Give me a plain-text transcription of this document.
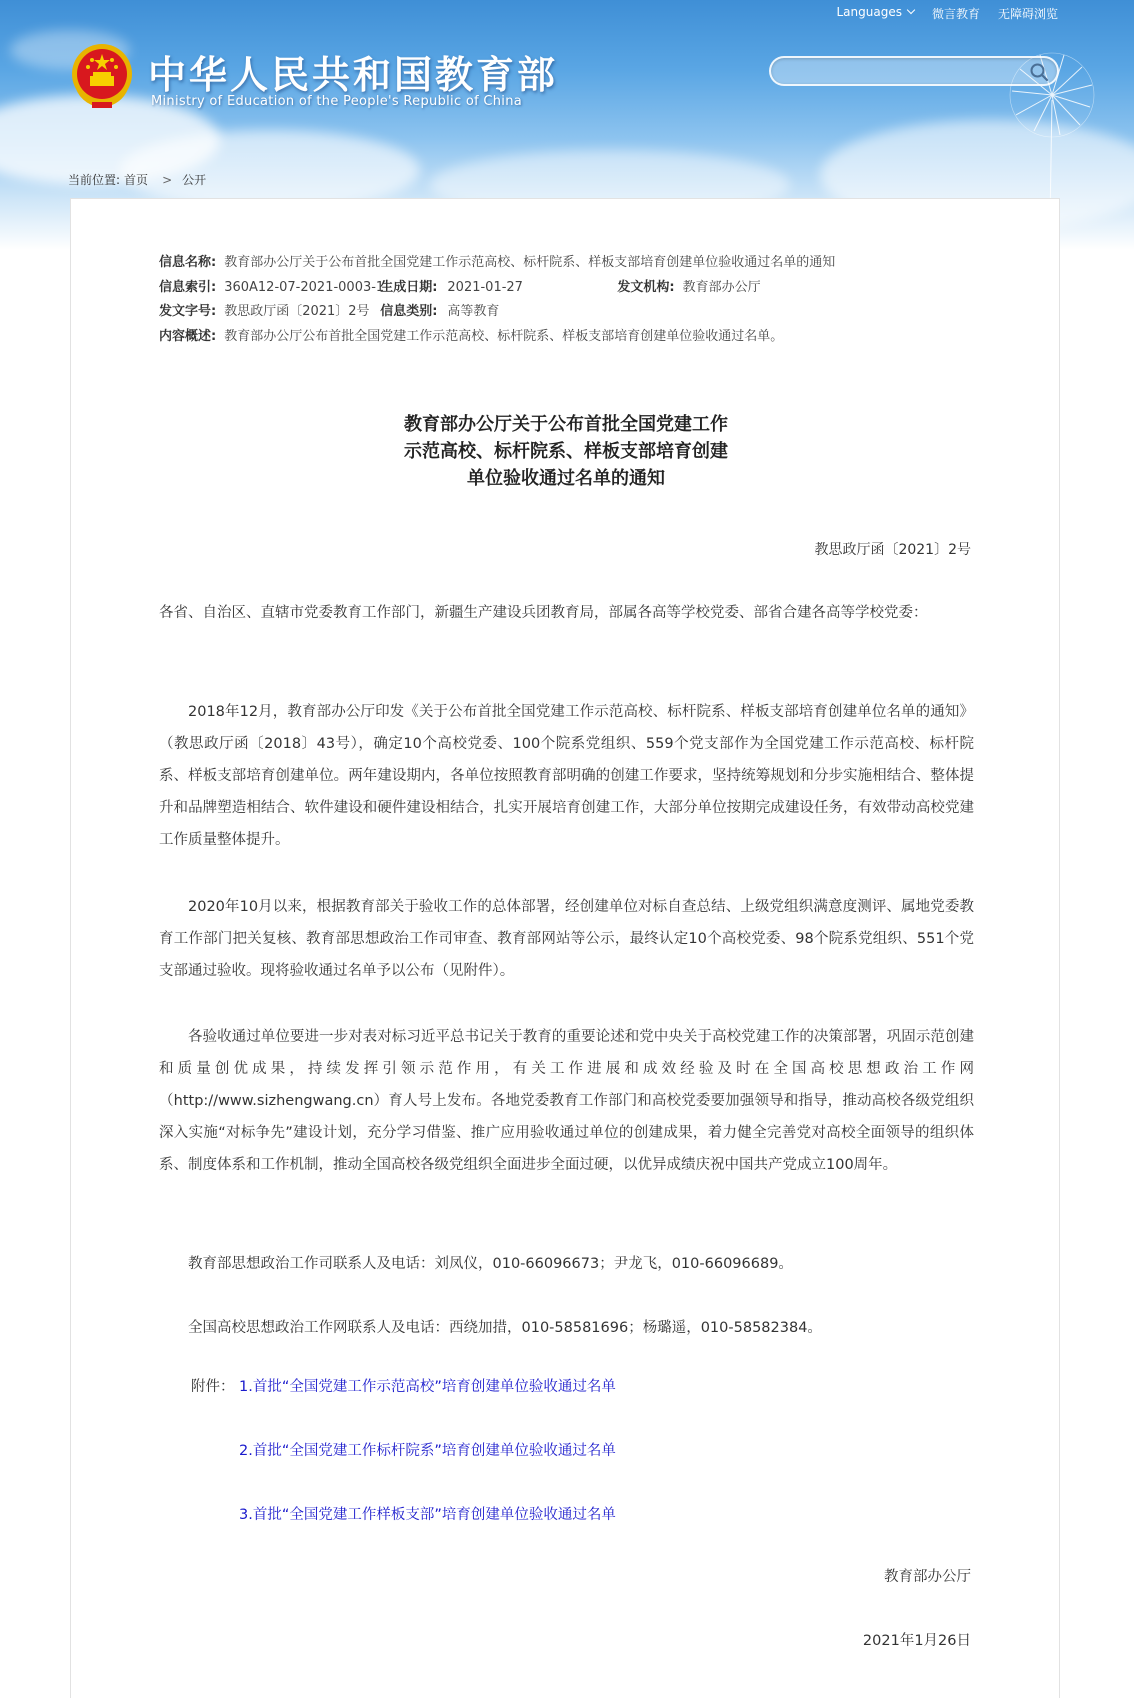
Languages	微言教育 无障碍浏览
中华人民共和国教育部
Ministry of Education of the People's Republic of China
当前位置: 首页 > 公开
信息名称: 教育部办公厅关于公布首批全国党建工作示范高校、标杆院系、样板支部培育创建单位验收通过名单的通知
信息索引: 360A12-07-2021-0003-1
生成日期: 2021-01-27	发文机构: 教育部办公厅
发文字号: 教思政厅函〔2021〕2号 信息类别: 高等教育
内容概述: 教育部办公厅公布首批全国党建工作示范高校、标杆院系、样板支部培育创建单位验收通过名单。
教育部办公厅关于公布首批全国党建工作
示范高校、标杆院系、样板支部培育创建
单位验收通过名单的通知
教思政厅函〔2021〕2号
各省、自治区、直辖市党委教育工作部门，新疆生产建设兵团教育局，部属各高等学校党委、部省合建各高等学校党委：
2018年12月，教育部办公厅印发《关于公布首批全国党建工作示范高校、标杆院系、样板支部培育创建单位名单的通知》（教思政厅函〔2018〕43号），确定10个高校党委、100个院系党组织、559个党支部作为全国党建工作示范高校、标杆院系、样板支部培育创建单位。两年建设期内，各单位按照教育部明确的创建工作要求，坚持统筹规划和分步实施相结合、整体提升和品牌塑造相结合、软件建设和硬件建设相结合，扎实开展培育创建工作，大部分单位按期完成建设任务，有效带动高校党建工作质量整体提升。
2020年10月以来，根据教育部关于验收工作的总体部署，经创建单位对标自查总结、上级党组织满意度测评、属地党委教育工作部门把关复核、教育部思想政治工作司审查、教育部网站等公示，最终认定10个高校党委、98个院系党组织、551个党支部通过验收。现将验收通过名单予以公布（见附件）。
各验收通过单位要进一步对表对标习近平总书记关于教育的重要论述和党中央关于高校党建工作的决策部署，巩固示范创建和质量创优成果，持续发挥引领示范作用，有关工作进展和成效经验及时在全国高校思想政治工作网（http://www.sizhengwang.cn）育人号上发布。各地党委教育工作部门和高校党委要加强领导和指导，推动高校各级党组织深入实施“对标争先”建设计划，充分学习借鉴、推广应用验收通过单位的创建成果，着力健全完善党对高校全面领导的组织体系、制度体系和工作机制，推动全国高校各级党组织全面进步全面过硬，以优异成绩庆祝中国共产党成立100周年。
教育部思想政治工作司联系人及电话：刘凤仪，010-66096673；尹龙飞，010-66096689。
全国高校思想政治工作网联系人及电话：西绕加措，010-58581696；杨璐遥，010-58582384。
附件： 1.首批“全国党建工作示范高校”培育创建单位验收通过名单
2.首批“全国党建工作标杆院系”培育创建单位验收通过名单
3.首批“全国党建工作样板支部”培育创建单位验收通过名单
教育部办公厅
2021年1月26日
